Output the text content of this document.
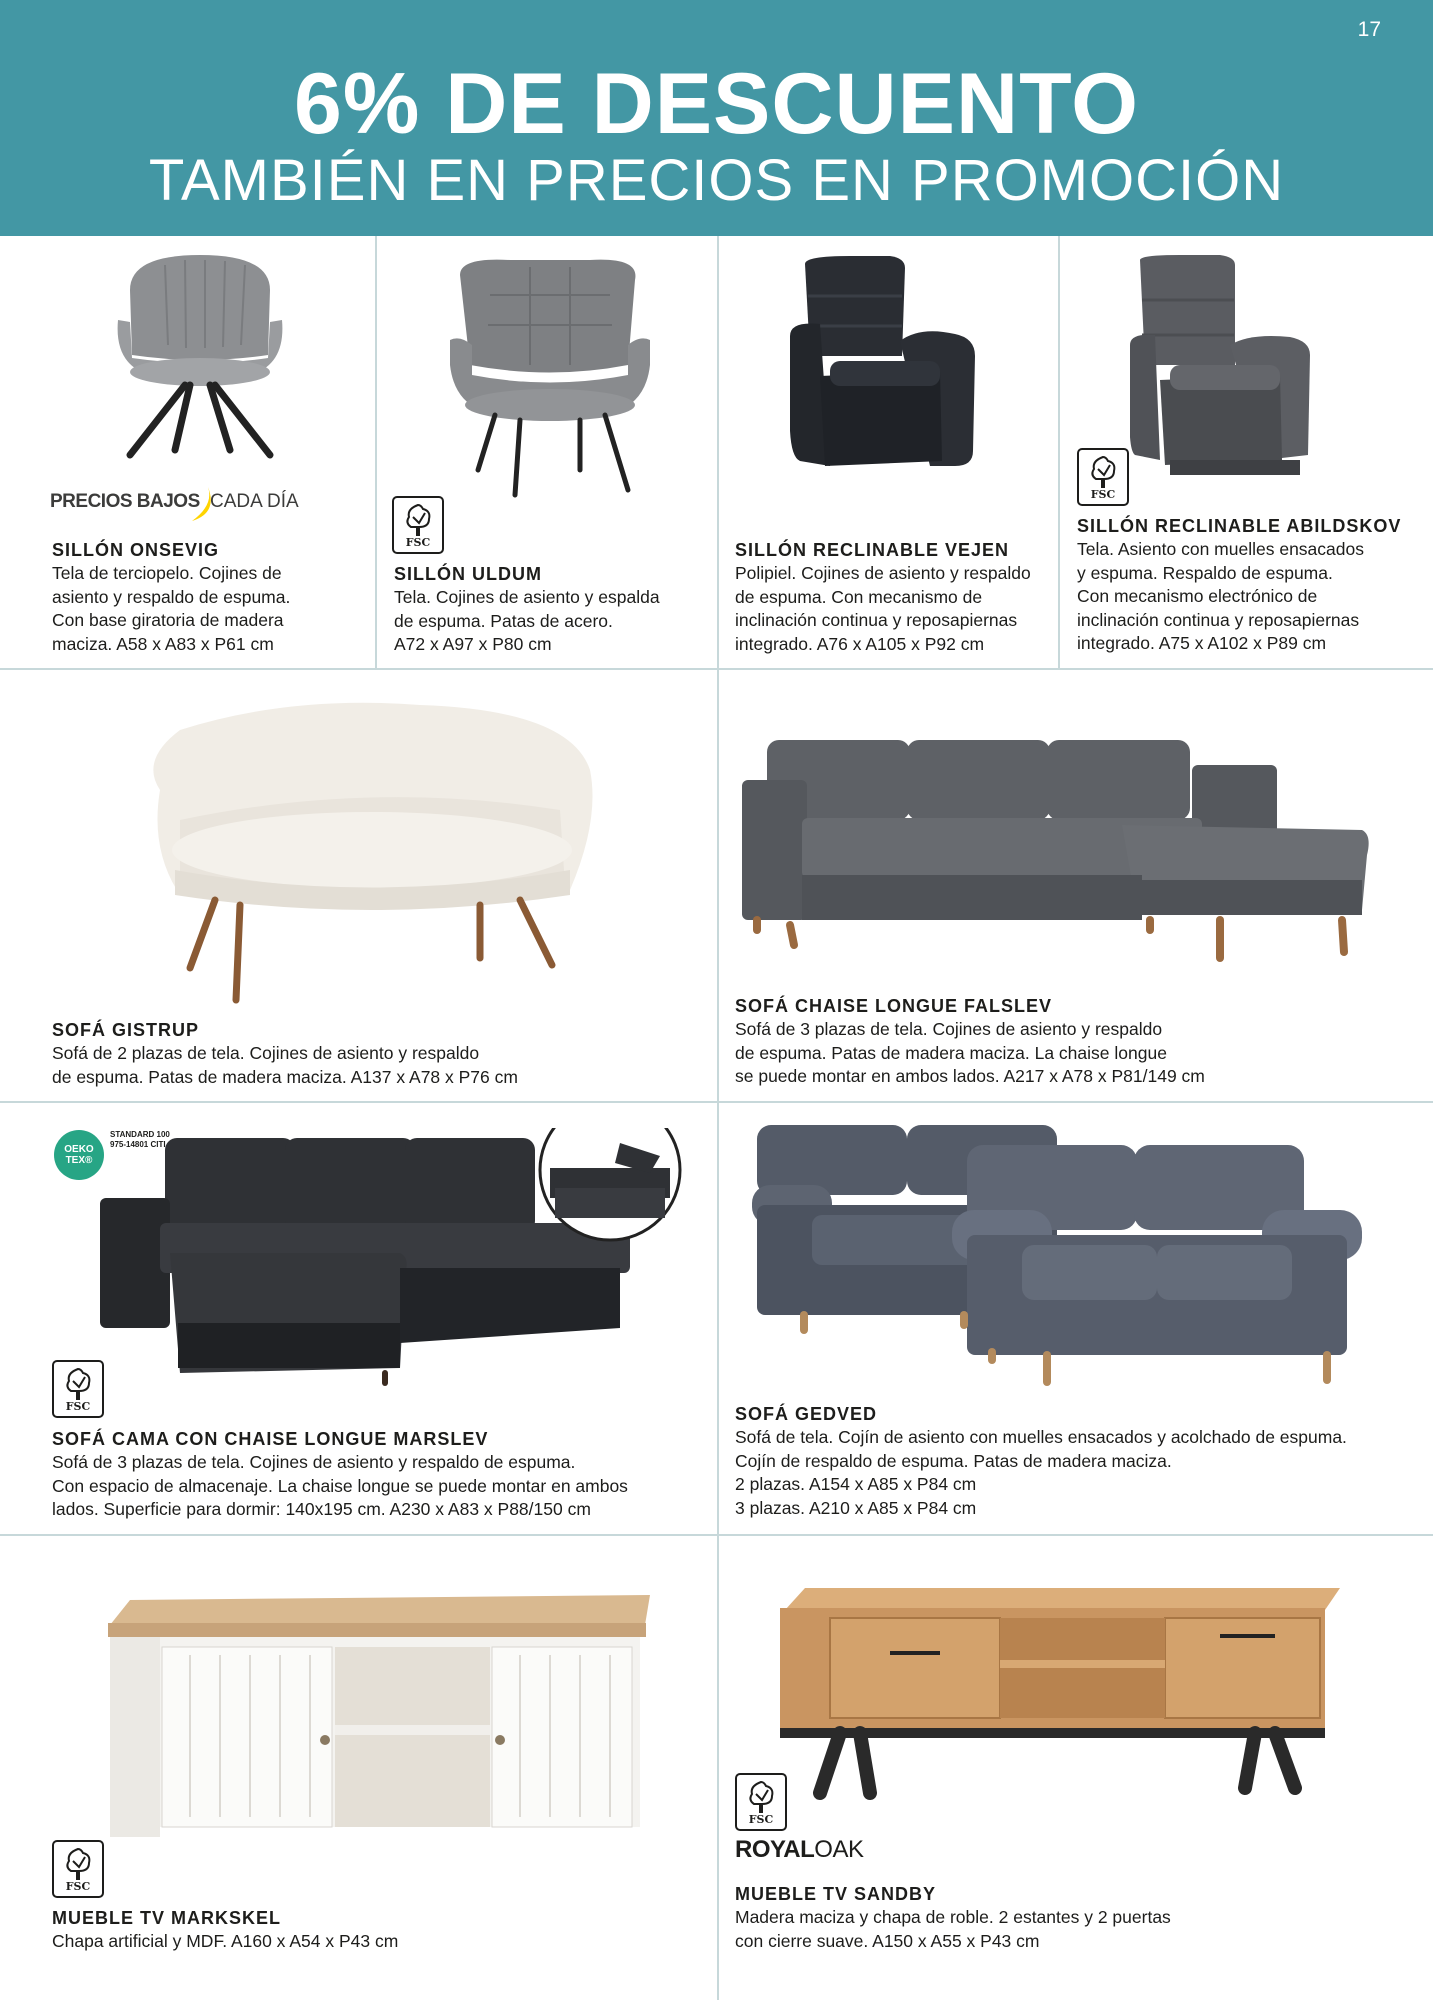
17
6% DE DESCUENTO
TAMBIÉN EN PRECIOS EN PROMOCIÓN
PRECIOS BAJOS CADA DÍA
SILLÓN ONSEVIG
Tela de terciopelo. Cojines de
asiento y respaldo de espuma.
Con base giratoria de madera
maciza. A58 x A83 x P61 cm
FSC
SILLÓN ULDUM
Tela. Cojines de asiento y espalda
de espuma. Patas de acero.
A72 x A97 x P80 cm
SILLÓN RECLINABLE VEJEN
Polipiel. Cojines de asiento y respaldo
de espuma. Con mecanismo de
inclinación continua y reposapiernas
integrado. A76 x A105 x P92 cm
FSC
SILLÓN RECLINABLE ABILDSKOV
Tela. Asiento con muelles ensacados
y espuma. Respaldo de espuma.
Con mecanismo electrónico de
inclinación continua y reposapiernas
integrado. A75 x A102 x P89 cm
SOFÁ GISTRUP
Sofá de 2 plazas de tela. Cojines de asiento y respaldo
de espuma. Patas de madera maciza. A137 x A78 x P76 cm
SOFÁ CHAISE LONGUE FALSLEV
Sofá de 3 plazas de tela. Cojines de asiento y respaldo
de espuma. Patas de madera maciza. La chaise longue
se puede montar en ambos lados. A217 x A78 x P81/149 cm
OEKO TEX®
STANDARD 100
975-14801 CITI
FSC
SOFÁ CAMA CON CHAISE LONGUE MARSLEV
Sofá de 3 plazas de tela. Cojines de asiento y respaldo de espuma.
Con espacio de almacenaje. La chaise longue se puede montar en ambos
lados. Superficie para dormir: 140x195 cm. A230 x A83 x P88/150 cm
SOFÁ GEDVED
Sofá de tela. Cojín de asiento con muelles ensacados y acolchado de espuma.
Cojín de respaldo de espuma. Patas de madera maciza.
2 plazas. A154 x A85 x P84 cm
3 plazas. A210 x A85 x P84 cm
FSC
MUEBLE TV MARKSKEL
Chapa artificial y MDF. A160 x A54 x P43 cm
FSC
ROYALOAK
MUEBLE TV SANDBY
Madera maciza y chapa de roble. 2 estantes y 2 puertas
con cierre suave. A150 x A55 x P43 cm
